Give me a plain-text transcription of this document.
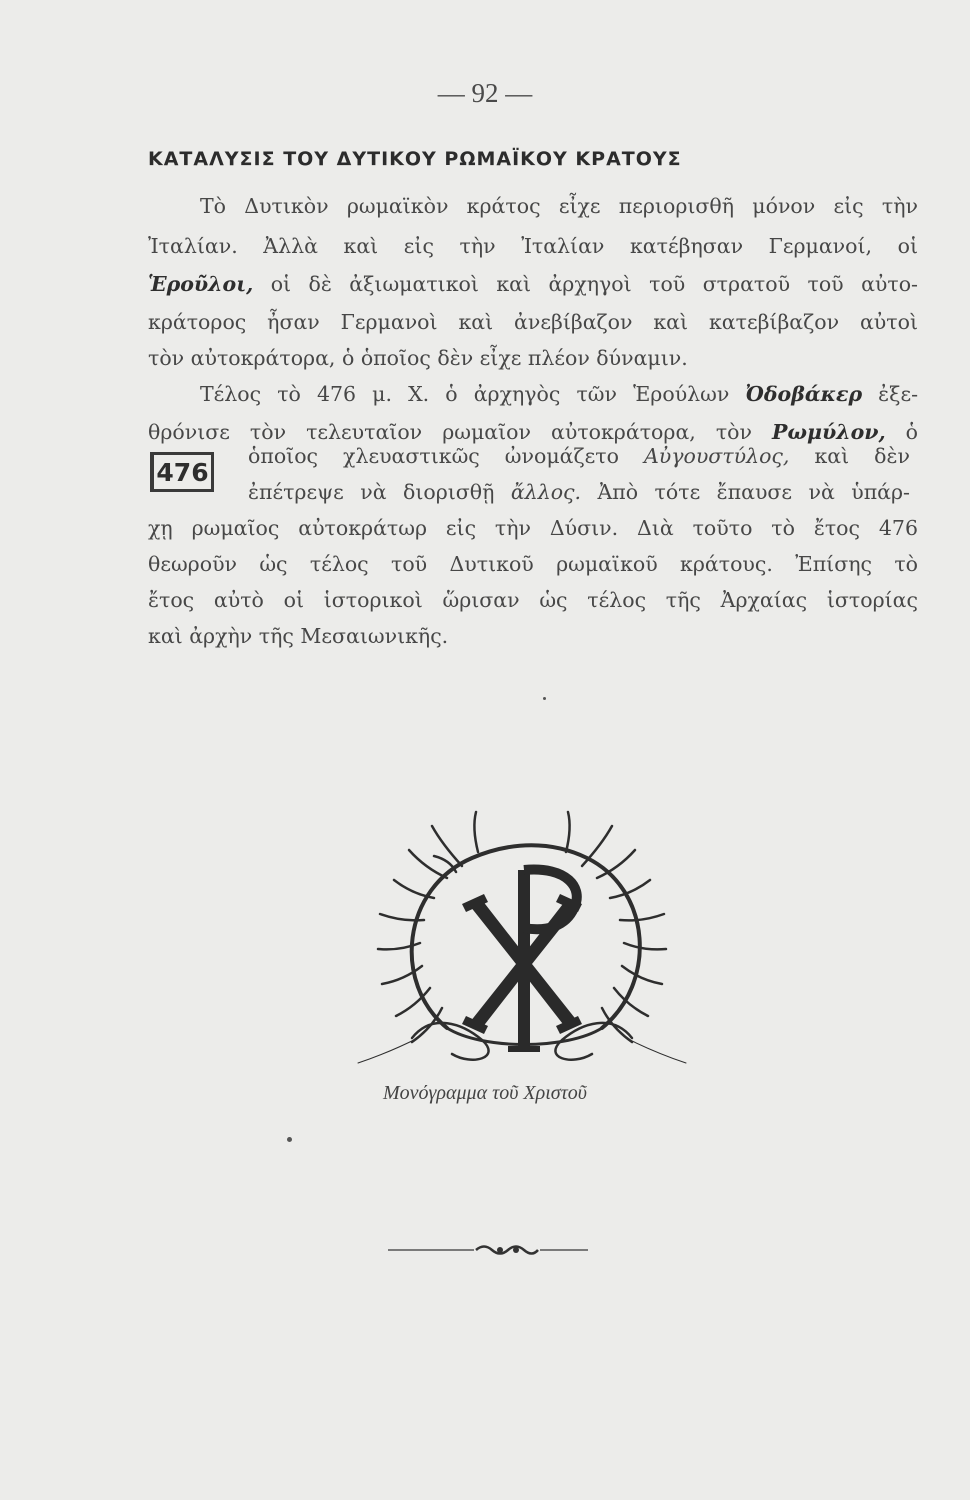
— 92 —
ΚΑΤΑΛΥΣΙΣ ΤΟΥ ΔΥΤΙΚΟΥ ΡΩΜΑΪΚΟΥ ΚΡΑΤΟΥΣ
Τὸ Δυτικὸν ρωμαϊκὸν κράτος εἶχε περιορισθῆ μόνον εἰς τὴν
Ἰταλίαν. Ἀλλὰ καὶ εἰς τὴν Ἰταλίαν κατέβησαν Γερμανοί, οἱ
Ἑροῦλοι, οἱ δὲ ἀξιωματικοὶ καὶ ἀρχηγοὶ τοῦ στρατοῦ τοῦ αὐτο-
κράτορος ἦσαν Γερμανοὶ καὶ ἀνεβίβαζον καὶ κατεβίβαζον αὐτοὶ
τὸν αὐτοκράτορα, ὁ ὁποῖος δὲν εἶχε πλέον δύναμιν.
Τέλος τὸ 476 μ. Χ. ὁ ἀρχηγὸς τῶν Ἑρούλων Ὀδοβάκερ ἐξε-
θρόνισε τὸν τελευταῖον ρωμαῖον αὐτοκράτορα, τὸν Ρωμύλον, ὁ
476
ὁποῖος χλευαστικῶς ὠνομάζετο Αὐγουστύλος, καὶ δὲν
ἐπέτρεψε νὰ διορισθῇ ἄλλος. Ἀπὸ τότε ἔπαυσε νὰ ὑπάρ-
χῃ ρωμαῖος αὐτοκράτωρ εἰς τὴν Δύσιν. Διὰ τοῦτο τὸ ἔτος 476
θεωροῦν ὡς τέλος τοῦ Δυτικοῦ ρωμαϊκοῦ κράτους. Ἐπίσης τὸ
ἔτος αὐτὸ οἱ ἱστορικοὶ ὥρισαν ὡς τέλος τῆς Ἀρχαίας ἱστορίας
καὶ ἀρχὴν τῆς Μεσαιωνικῆς.
Μονόγραμμα τοῦ Χριστοῦ
